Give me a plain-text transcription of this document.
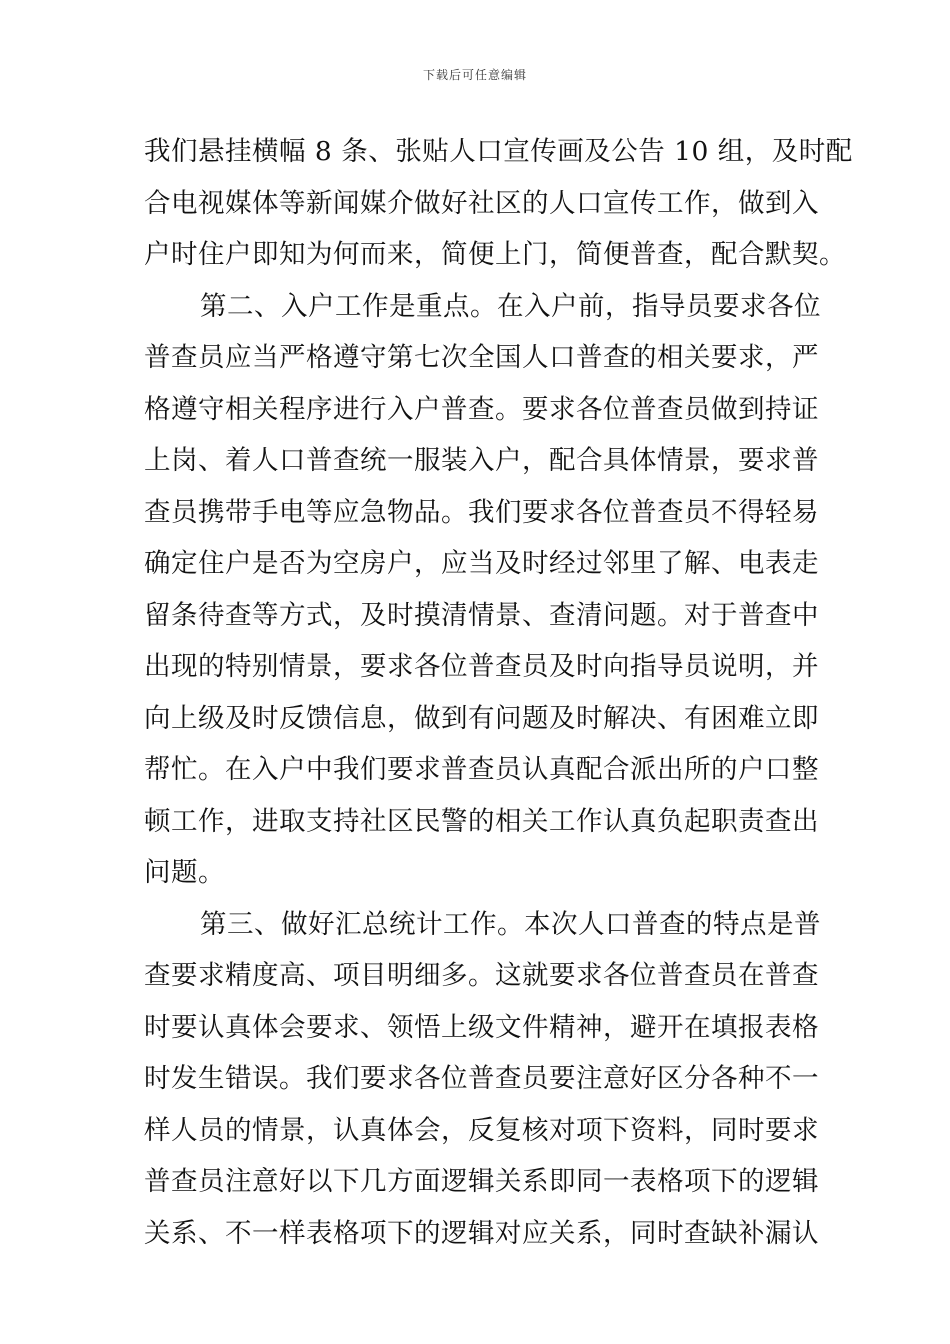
下载后可任意编辑
我们悬挂横幅 8 条、张贴人口宣传画及公告 10 组，及时配
合电视媒体等新闻媒介做好社区的人口宣传工作，做到入
户时住户即知为何而来，简便上门，简便普查，配合默契。
第二、入户工作是重点。在入户前，指导员要求各位
普查员应当严格遵守第七次全国人口普查的相关要求，严
格遵守相关程序进行入户普查。要求各位普查员做到持证
上岗、着人口普查统一服装入户，配合具体情景，要求普
查员携带手电等应急物品。我们要求各位普查员不得轻易
确定住户是否为空房户，应当及时经过邻里了解、电表走
留条待查等方式，及时摸清情景、查清问题。对于普查中
出现的特别情景，要求各位普查员及时向指导员说明，并
向上级及时反馈信息，做到有问题及时解决、有困难立即
帮忙。在入户中我们要求普查员认真配合派出所的户口整
顿工作，进取支持社区民警的相关工作认真负起职责查出
问题。
第三、做好汇总统计工作。本次人口普查的特点是普
查要求精度高、项目明细多。这就要求各位普查员在普查
时要认真体会要求、领悟上级文件精神，避开在填报表格
时发生错误。我们要求各位普查员要注意好区分各种不一
样人员的情景，认真体会，反复核对项下资料，同时要求
普查员注意好以下几方面逻辑关系即同一表格项下的逻辑
关系、不一样表格项下的逻辑对应关系，同时查缺补漏认
